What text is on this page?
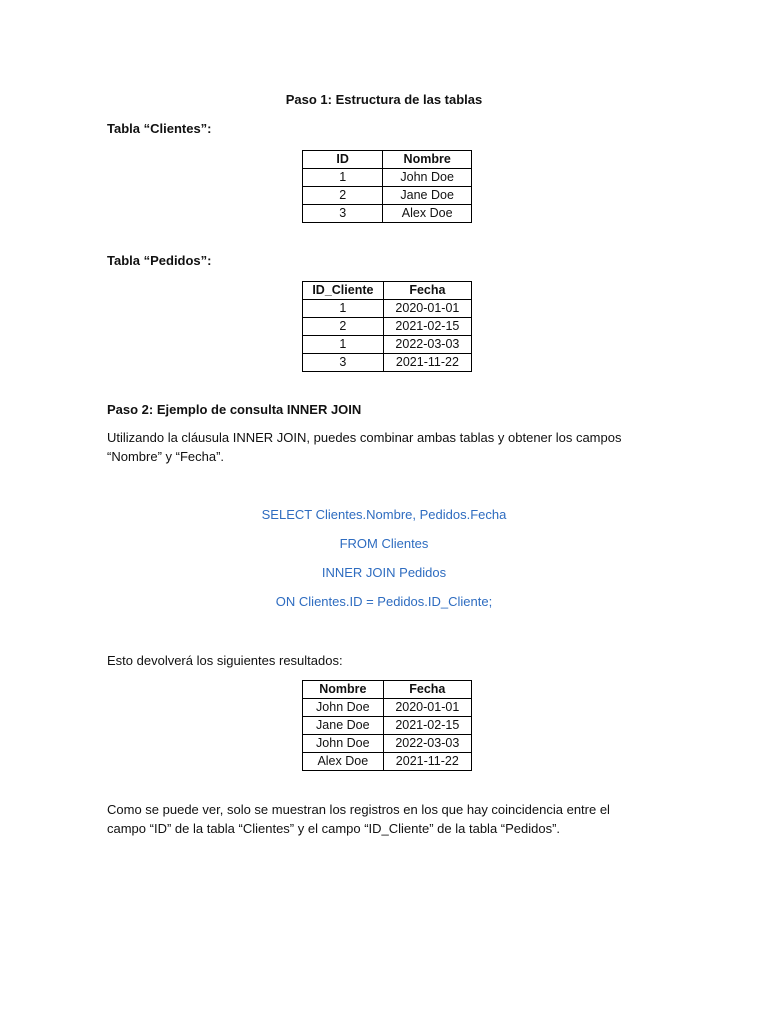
Paso 1: Estructura de las tablas
Tabla “Clientes”:
ID	Nombre
1	John Doe
2	Jane Doe
3	Alex Doe
Tabla “Pedidos”:
ID_Cliente	Fecha
1	2020-01-01
2	2021-02-15
1	2022-03-03
3	2021-11-22
Paso 2: Ejemplo de consulta INNER JOIN
Utilizando la cláusula INNER JOIN, puedes combinar ambas tablas y obtener los campos
“Nombre” y “Fecha”.
SELECT Clientes.Nombre, Pedidos.Fecha
FROM Clientes
INNER JOIN Pedidos
ON Clientes.ID = Pedidos.ID_Cliente;
Esto devolverá los siguientes resultados:
Nombre	Fecha
John Doe	2020-01-01
Jane Doe	2021-02-15
John Doe	2022-03-03
Alex Doe	2021-11-22
Como se puede ver, solo se muestran los registros en los que hay coincidencia entre el
campo “ID” de la tabla “Clientes” y el campo “ID_Cliente” de la tabla “Pedidos”.
